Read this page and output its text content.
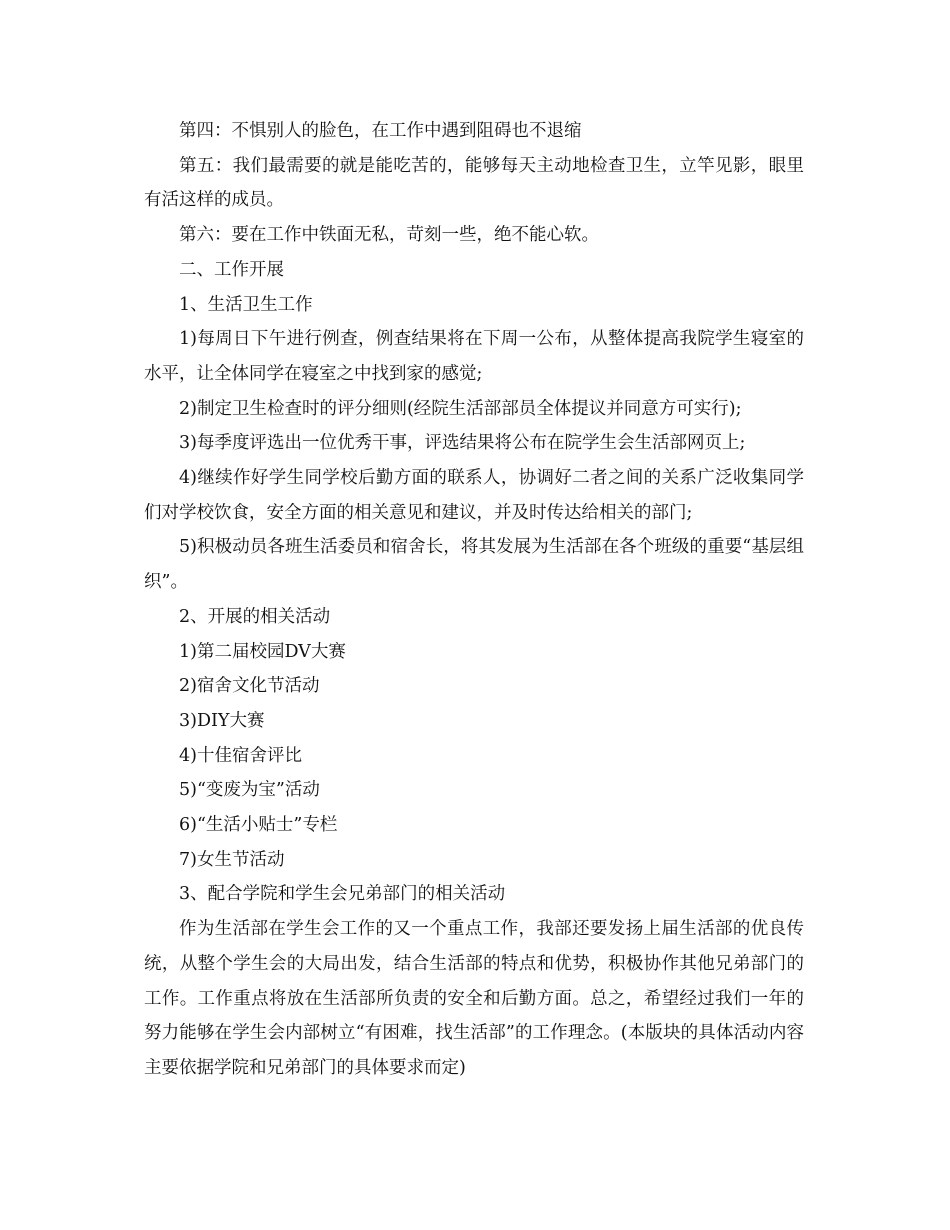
第四：不惧别人的脸色，在工作中遇到阻碍也不退缩

第五：我们最需要的就是能吃苦的，能够每天主动地检查卫生，立竿见影，眼里有活这样的成员。

第六：要在工作中铁面无私，苛刻一些，绝不能心软。

二、工作开展

1、生活卫生工作

1)每周日下午进行例查，例查结果将在下周一公布，从整体提高我院学生寝室的水平，让全体同学在寝室之中找到家的感觉;

2)制定卫生检查时的评分细则(经院生活部部员全体提议并同意方可实行);

3)每季度评选出一位优秀干事，评选结果将公布在院学生会生活部网页上;

4)继续作好学生同学校后勤方面的联系人，协调好二者之间的关系广泛收集同学们对学校饮食，安全方面的相关意见和建议，并及时传达给相关的部门;

5)积极动员各班生活委员和宿舍长，将其发展为生活部在各个班级的重要“基层组织”。

2、开展的相关活动

1)第二届校园DV大赛

2)宿舍文化节活动

3)DIY大赛

4)十佳宿舍评比

5)“变废为宝”活动

6)“生活小贴士”专栏

7)女生节活动

3、配合学院和学生会兄弟部门的相关活动

作为生活部在学生会工作的又一个重点工作，我部还要发扬上届生活部的优良传统，从整个学生会的大局出发，结合生活部的特点和优势，积极协作其他兄弟部门的工作。工作重点将放在生活部所负责的安全和后勤方面。总之，希望经过我们一年的努力能够在学生会内部树立“有困难，找生活部”的工作理念。(本版块的具体活动内容主要依据学院和兄弟部门的具体要求而定)
